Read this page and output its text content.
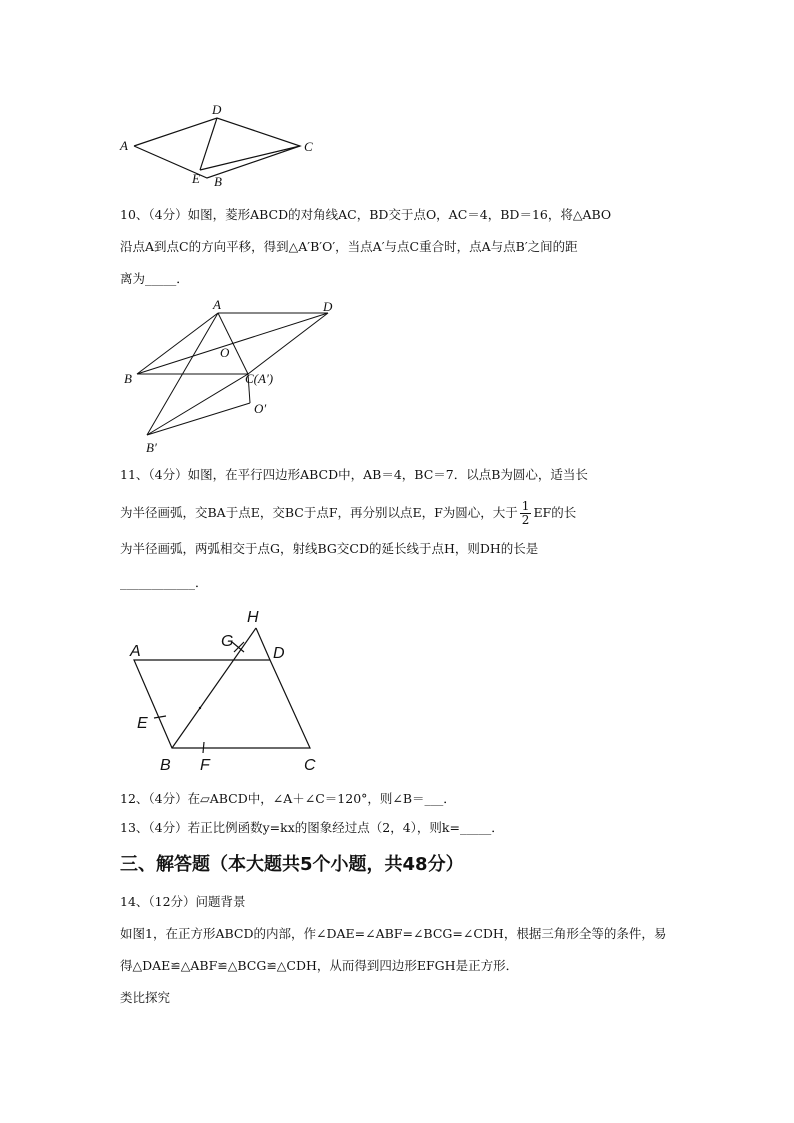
A
D
C
E B
10、（4分）如图，菱形ABCD的对角线AC，BD交于点O，AC＝4，BD＝16，将△ABO
沿点A到点C的方向平移，得到△A′B′O′，当点A′与点C重合时，点A与点B′之间的距
离为_____．
A	D
O
B	C(A′)
O′
B′
11、（4分）如图，在平行四边形ABCD中，AB＝4，BC＝7．以点B为圆心，适当长
为半径画弧，交BA于点E，交BC于点F，再分别以点E，F为圆心，大于 $\frac{1}{2}$ EF的长
为半径画弧，两弧相交于点G，射线BG交CD的延长线于点H，则DH的长是
____________．
H
G
A	D
E
B F	C
12、（4分）在▱ABCD中，∠A＋∠C＝120°，则∠B＝___．
13、（4分）若正比例函数y=kx的图象经过点（2，4），则k=_____．
三、解答题（本大题共5个小题，共48分）
14、（12分）问题背景
如图1，在正方形ABCD的内部，作∠DAE=∠ABF=∠BCG=∠CDH，根据三角形全等的条件，易
得△DAE≌△ABF≌△BCG≌△CDH，从而得到四边形EFGH是正方形．
类比探究
